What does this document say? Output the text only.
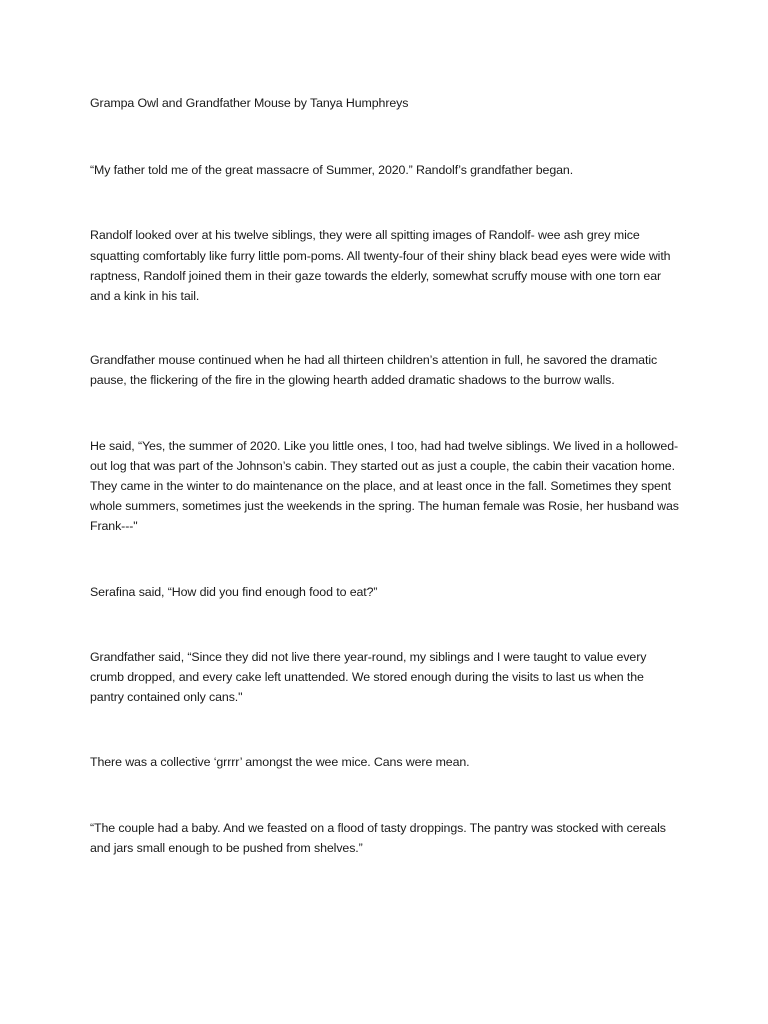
Grampa Owl and Grandfather Mouse by Tanya Humphreys

“My father told me of the great massacre of Summer, 2020.” Randolf’s grandfather began.

Randolf looked over at his twelve siblings, they were all spitting images of Randolf- wee ash grey mice squatting comfortably like furry little pom-poms. All twenty-four of their shiny black bead eyes were wide with raptness, Randolf joined them in their gaze towards the elderly, somewhat scruffy mouse with one torn ear and a kink in his tail.

Grandfather mouse continued when he had all thirteen children’s attention in full, he savored the dramatic pause, the flickering of the fire in the glowing hearth added dramatic shadows to the burrow walls.

He said, “Yes, the summer of 2020. Like you little ones, I too, had had twelve siblings. We lived in a hollowed-out log that was part of the Johnson’s cabin. They started out as just a couple, the cabin their vacation home. They came in the winter to do maintenance on the place, and at least once in the fall. Sometimes they spent whole summers, sometimes just the weekends in the spring. The human female was Rosie, her husband was Frank---"

Serafina said, “How did you find enough food to eat?”

Grandfather said, “Since they did not live there year-round, my siblings and I were taught to value every crumb dropped, and every cake left unattended. We stored enough during the visits to last us when the pantry contained only cans."

There was a collective ‘grrrr’ amongst the wee mice. Cans were mean.

“The couple had a baby. And we feasted on a flood of tasty droppings. The pantry was stocked with cereals and jars small enough to be pushed from shelves.”
